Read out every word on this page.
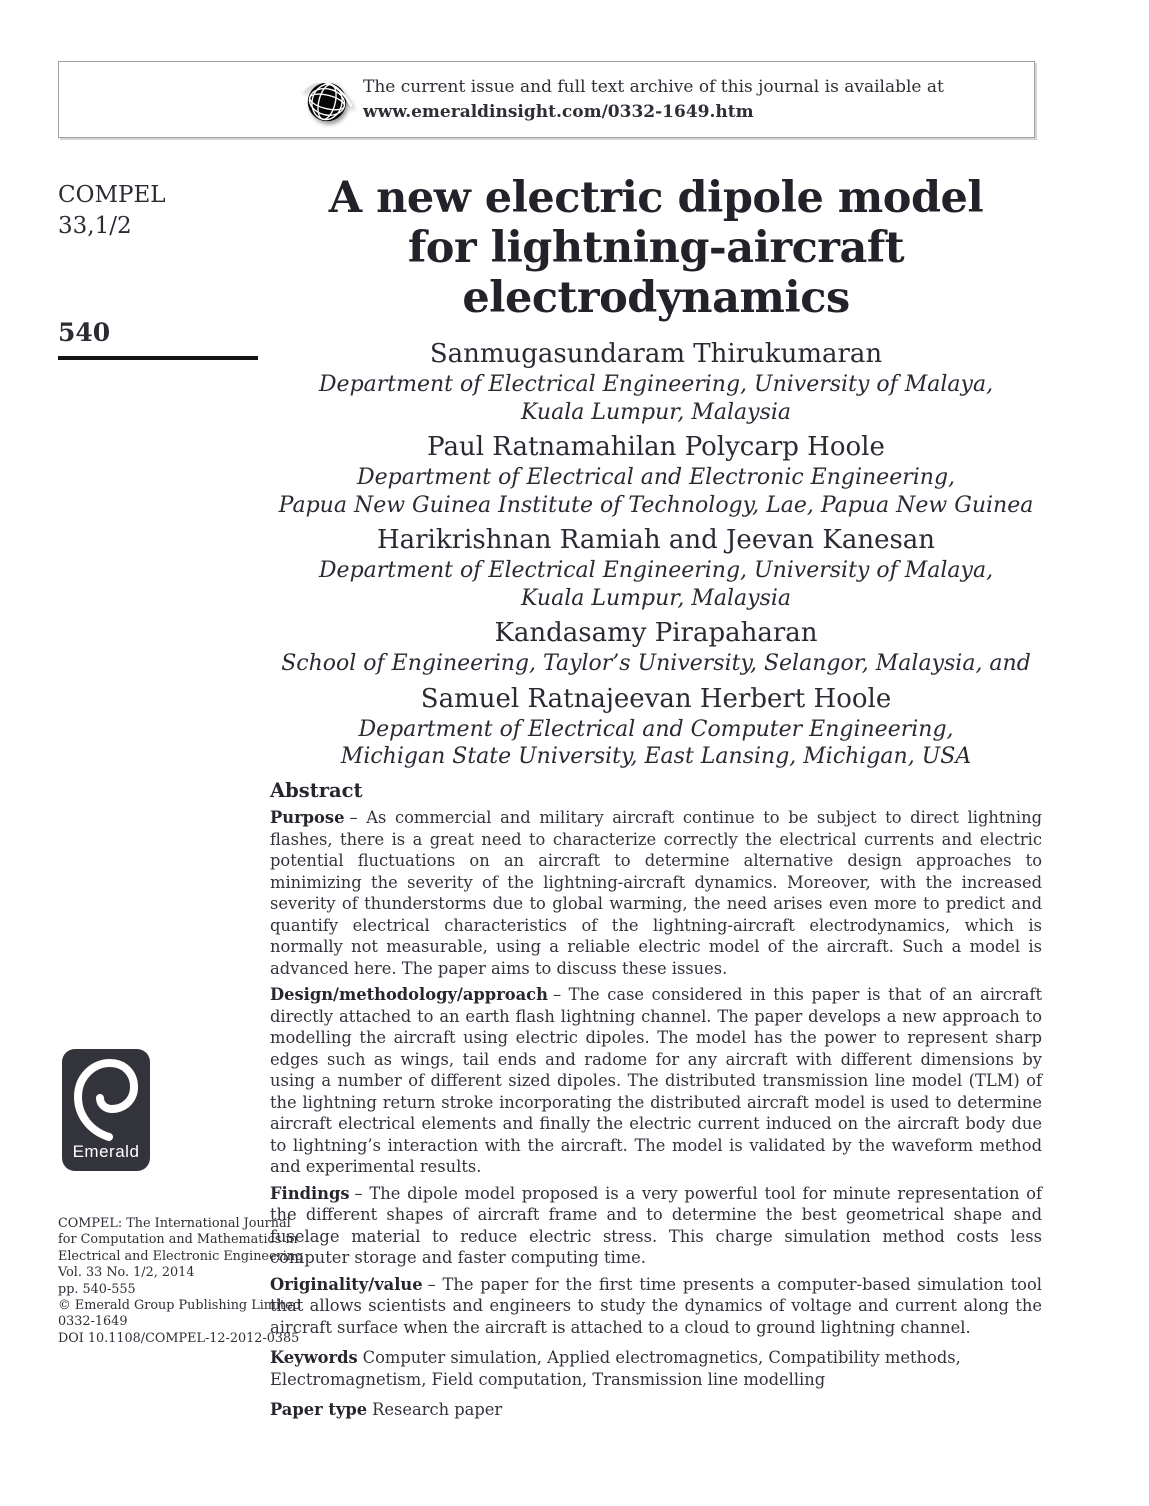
The current issue and full text archive of this journal is available at
www.emeraldinsight.com/0332-1649.htm
COMPEL
33,1/2
540
A new electric dipole model
for lightning-aircraft
electrodynamics
Sanmugasundaram Thirukumaran
Department of Electrical Engineering, University of Malaya,
Kuala Lumpur, Malaysia
Paul Ratnamahilan Polycarp Hoole
Department of Electrical and Electronic Engineering,
Papua New Guinea Institute of Technology, Lae, Papua New Guinea
Harikrishnan Ramiah and Jeevan Kanesan
Department of Electrical Engineering, University of Malaya,
Kuala Lumpur, Malaysia
Kandasamy Pirapaharan
School of Engineering, Taylor’s University, Selangor, Malaysia, and
Samuel Ratnajeevan Herbert Hoole
Department of Electrical and Computer Engineering,
Michigan State University, East Lansing, Michigan, USA
Abstract

Purpose – As commercial and military aircraft continue to be subject to direct lightning flashes, there is a great need to characterize correctly the electrical currents and electric potential fluctuations on an aircraft to determine alternative design approaches to minimizing the severity of the lightning-aircraft dynamics. Moreover, with the increased severity of thunderstorms due to global warming, the need arises even more to predict and quantify electrical characteristics of the lightning-aircraft electrodynamics, which is normally not measurable, using a reliable electric model of the aircraft. Such a model is advanced here. The paper aims to discuss these issues.

Design/methodology/approach – The case considered in this paper is that of an aircraft directly attached to an earth flash lightning channel. The paper develops a new approach to modelling the aircraft using electric dipoles. The model has the power to represent sharp edges such as wings, tail ends and radome for any aircraft with different dimensions by using a number of different sized dipoles. The distributed transmission line model (TLM) of the lightning return stroke incorporating the distributed aircraft model is used to determine aircraft electrical elements and finally the electric current induced on the aircraft body due to lightning’s interaction with the aircraft. The model is validated by the waveform method and experimental results.

Findings – The dipole model proposed is a very powerful tool for minute representation of the different shapes of aircraft frame and to determine the best geometrical shape and fuselage material to reduce electric stress. This charge simulation method costs less computer storage and faster computing time.

Originality/value – The paper for the first time presents a computer-based simulation tool that allows scientists and engineers to study the dynamics of voltage and current along the aircraft surface when the aircraft is attached to a cloud to ground lightning channel.

Keywords Computer simulation, Applied electromagnetics, Compatibility methods, Electromagnetism, Field computation, Transmission line modelling

Paper type Research paper

Emerald
COMPEL: The International Journal
for Computation and Mathematics in
Electrical and Electronic Engineering
Vol. 33 No. 1/2, 2014
pp. 540-555
© Emerald Group Publishing Limited
0332-1649
DOI 10.1108/COMPEL-12-2012-0385
